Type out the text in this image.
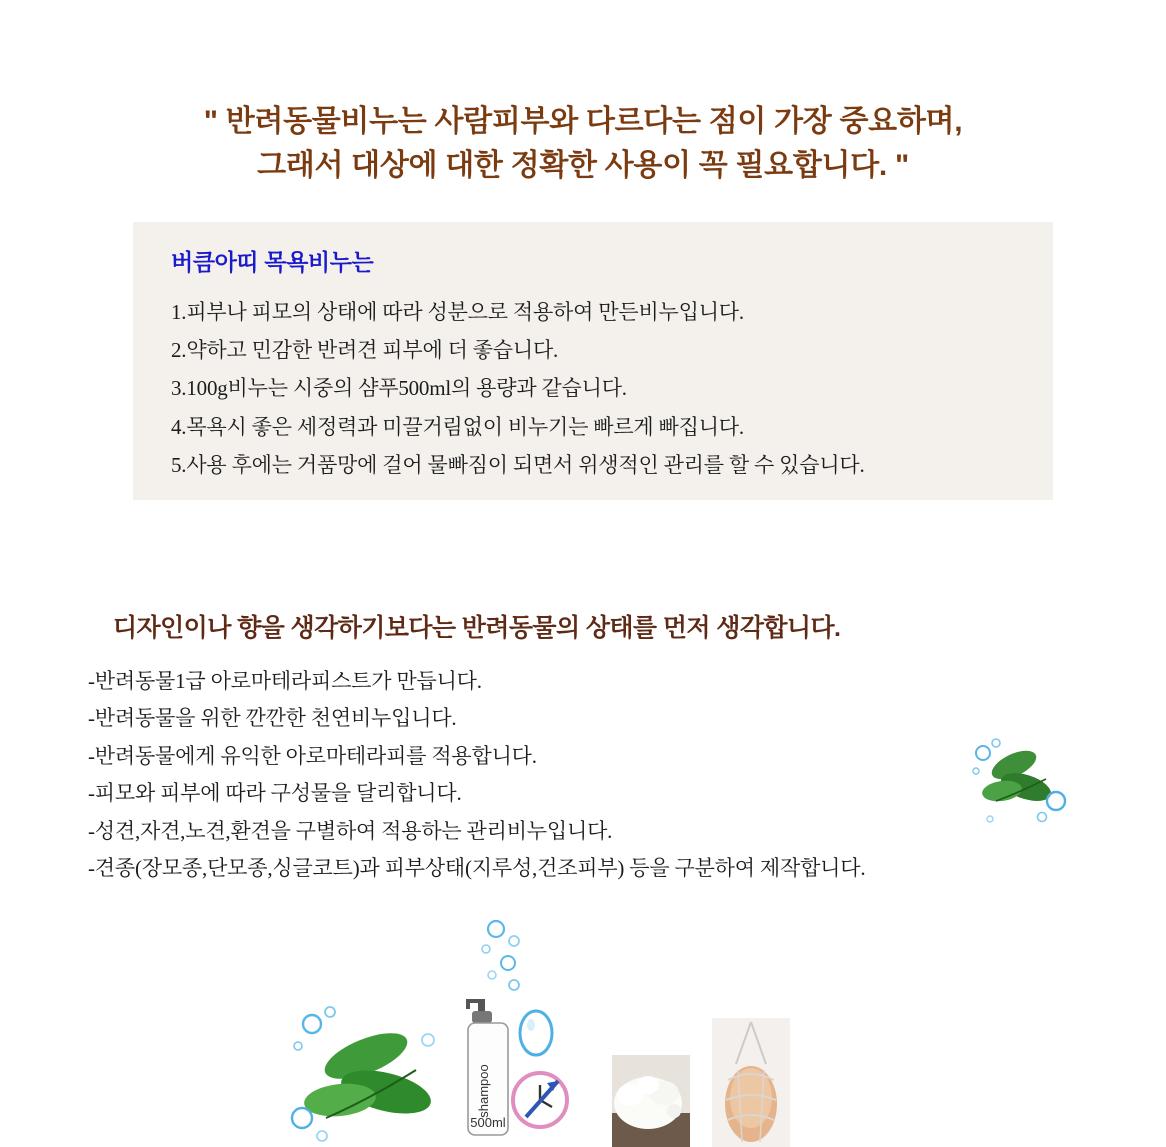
" 반려동물비누는 사람피부와 다르다는 점이 가장 중요하며,
그래서 대상에 대한 정확한 사용이 꼭 필요합니다. "
버큼아띠 목욕비누는
1.피부나 피모의 상태에 따라 성분으로 적용하여 만든비누입니다.
2.약하고 민감한 반려견 피부에 더 좋습니다.
3.100g비누는 시중의 샴푸500ml의 용량과 같습니다.
4.목욕시 좋은 세정력과 미끌거림없이 비누기는 빠르게 빠집니다.
5.사용 후에는 거품망에 걸어 물빠짐이 되면서 위생적인 관리를 할 수 있습니다.
디자인이나 향을 생각하기보다는 반려동물의 상태를 먼저 생각합니다.

-반려동물1급 아로마테라피스트가 만듭니다.

-반려동물을 위한 깐깐한 천연비누입니다.

-반려동물에게 유익한 아로마테라피를 적용합니다.

-피모와 피부에 따라 구성물을 달리합니다.

-성견,자견,노견,환견을 구별하여 적용하는 관리비누입니다.

-견종(장모종,단모종,싱글코트)과 피부상태(지루성,건조피부) 등을 구분하여 제작합니다.

shampoo
500ml
